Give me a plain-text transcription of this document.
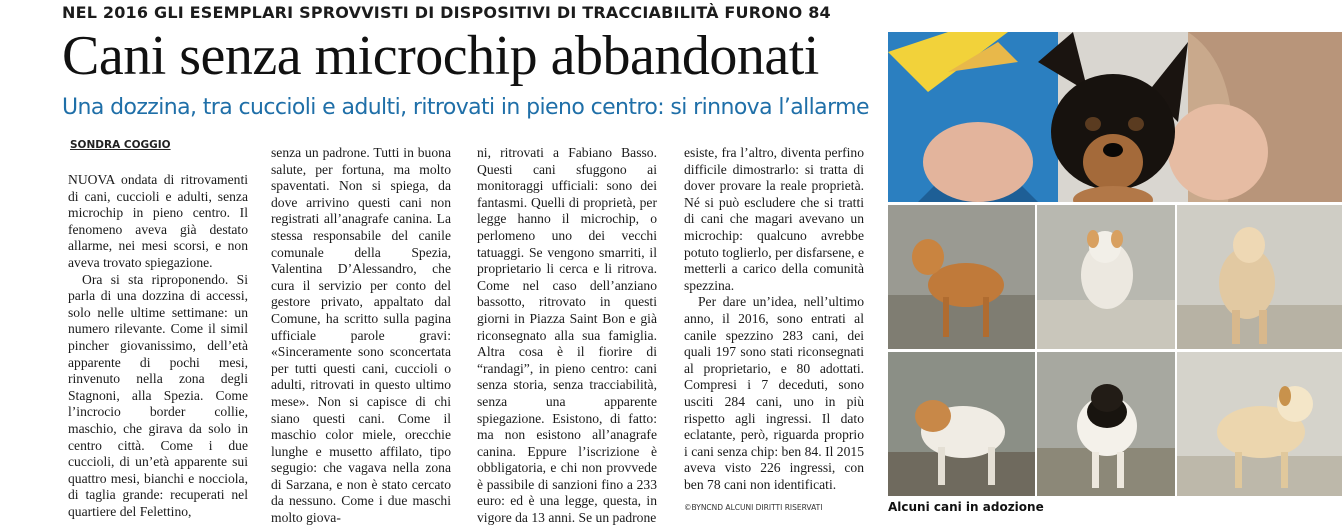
NEL 2016 GLI ESEMPLARI SPROVVISTI DI DISPOSITIVI DI TRACCIABILITÀ FURONO 84
Cani senza microchip abbandonati
Una dozzina, tra cuccioli e adulti, ritrovati in pieno centro: si rinnova l’allarme
SONDRA COGGIO

NUOVA ondata di ritrovamenti di cani, cuccioli e adulti, senza microchip in pieno centro. Il fenomeno aveva già destato allarme, nei mesi scorsi, e non aveva trovato spiegazione.

Ora si sta riproponendo. Si parla di una dozzina di accessi, solo nelle ultime settimane: un numero rilevante. Come il simil pincher giovanissimo, dell’età apparente di pochi mesi, rinvenuto nella zona degli Stagnoni, alla Spezia. Come l’incrocio border collie, maschio, che girava da solo in centro città. Come i due cuccioli, di un’età apparente sui quattro mesi, bianchi e nocciola, di taglia grande: recuperati nel quartiere del Felettino,

senza un padrone. Tutti in buona salute, per fortuna, ma molto spaventati. Non si spiega, da dove arrivino questi cani non registrati all’anagrafe canina. La stessa responsabile del canile comunale della Spezia, Valentina D’Alessandro, che cura il servizio per conto del gestore privato, appaltato dal Comune, ha scritto sulla pagina ufficiale parole gravi: «Sinceramente sono sconcertata per tutti questi cani, cuccioli o adulti, ritrovati in questo ultimo mese». Non si capisce di chi siano questi cani. Come il maschio color miele, orecchie lunghe e musetto affilato, tipo segugio: che vagava nella zona di Sarzana, e non è stato cercato da nessuno. Come i due maschi molto giova-

ni, ritrovati a Fabiano Basso. Questi cani sfuggono ai monitoraggi ufficiali: sono dei fantasmi. Quelli di proprietà, per legge hanno il microchip, o perlomeno uno dei vecchi tatuaggi. Se vengono smarriti, il proprietario li cerca e li ritrova. Come nel caso dell’anziano bassotto, ritrovato in questi giorni in Piazza Saint Bon e già riconsegnato alla sua famiglia. Altra cosa è il fiorire di “randagi”, in pieno centro: cani senza storia, senza tracciabilità, senza una apparente spiegazione. Esistono, di fatto: ma non esistono all’anagrafe canina. Eppure l’iscrizione è obbligatoria, e chi non provvede è passibile di sanzioni fino a 233 euro: ed è una legge, questa, in vigore da 13 anni. Se un padrone

esiste, fra l’altro, diventa perfino difficile dimostrarlo: si tratta di dover provare la reale proprietà. Né si può escludere che si tratti di cani che magari avevano un microchip: qualcuno avrebbe potuto toglierlo, per disfarsene, e metterli a carico della comunità spezzina.

Per dare un’idea, nell’ultimo anno, il 2016, sono entrati al canile spezzino 283 cani, dei quali 197 sono stati riconsegnati al proprietario, e 80 adottati. Compresi i 7 deceduti, sono usciti 284 cani, uno in più rispetto agli ingressi. Il dato eclatante, però, riguarda proprio i cani senza chip: ben 84. Il 2015 aveva visto 226 ingressi, con ben 78 cani non identificati.

©BYNCND ALCUNI DIRITTI RISERVATI	Alcuni cani in adozione
